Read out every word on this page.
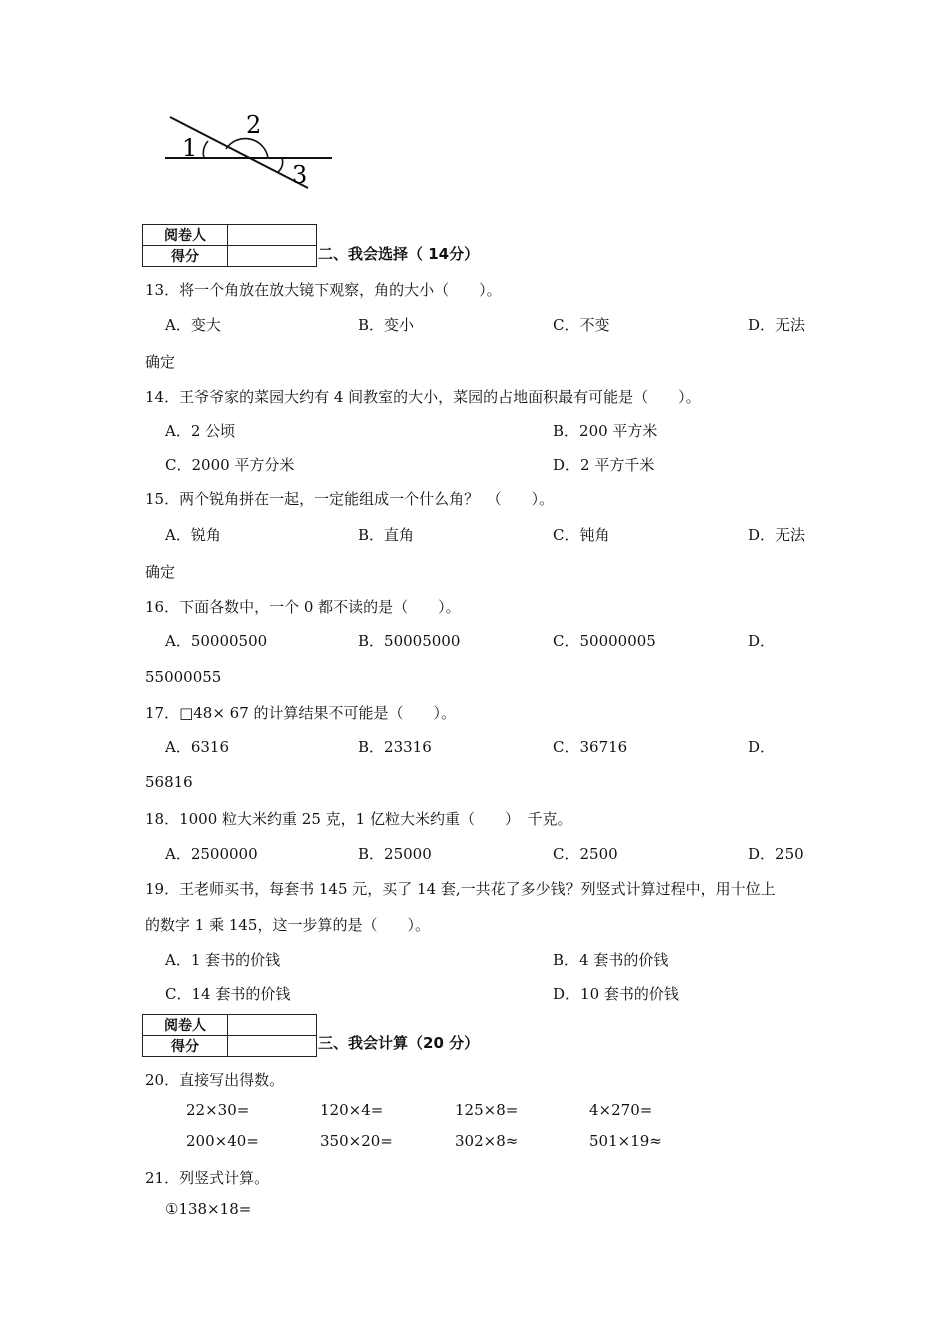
1
2
3
阅卷人	
得分		二、我会选择（ 14分）
13．将一个角放在放大镜下观察，角的大小（　　）。
A．变大	B．变小	C．不变	D．无法
确定
14．王爷爷家的菜园大约有 4 间教室的大小，菜园的占地面积最有可能是（　　）。
A．2 公顷	B．200 平方米
C．2000 平方分米	D．2 平方千米
15．两个锐角拼在一起，一定能组成一个什么角？　（　　）。
A．锐角	B．直角	C．钝角	D．无法
确定
16．下面各数中，一个 0 都不读的是（　　）。
A．50000500	B．50005000	C．50000005	D．
55000055
17．□48× 67 的计算结果不可能是（　　）。
A．6316	B．23316	C．36716	D．
56816
18．1000 粒大米约重 25 克，1 亿粒大米约重（　　）　千克。
A．2500000	B．25000	C．2500	D．250
19．王老师买书，每套书 145 元，买了 14 套,一共花了多少钱？列竖式计算过程中，用十位上
的数字 1 乘 145，这一步算的是（　　）。
A．1 套书的价钱	B．4 套书的价钱
C．14 套书的价钱	D．10 套书的价钱
阅卷人	
得分		三、我会计算（20 分）
20．直接写出得数。
22×30=	120×4=	125×8=	4×270=
200×40=	350×20=	302×8≈	501×19≈
21．列竖式计算。
①138×18=
